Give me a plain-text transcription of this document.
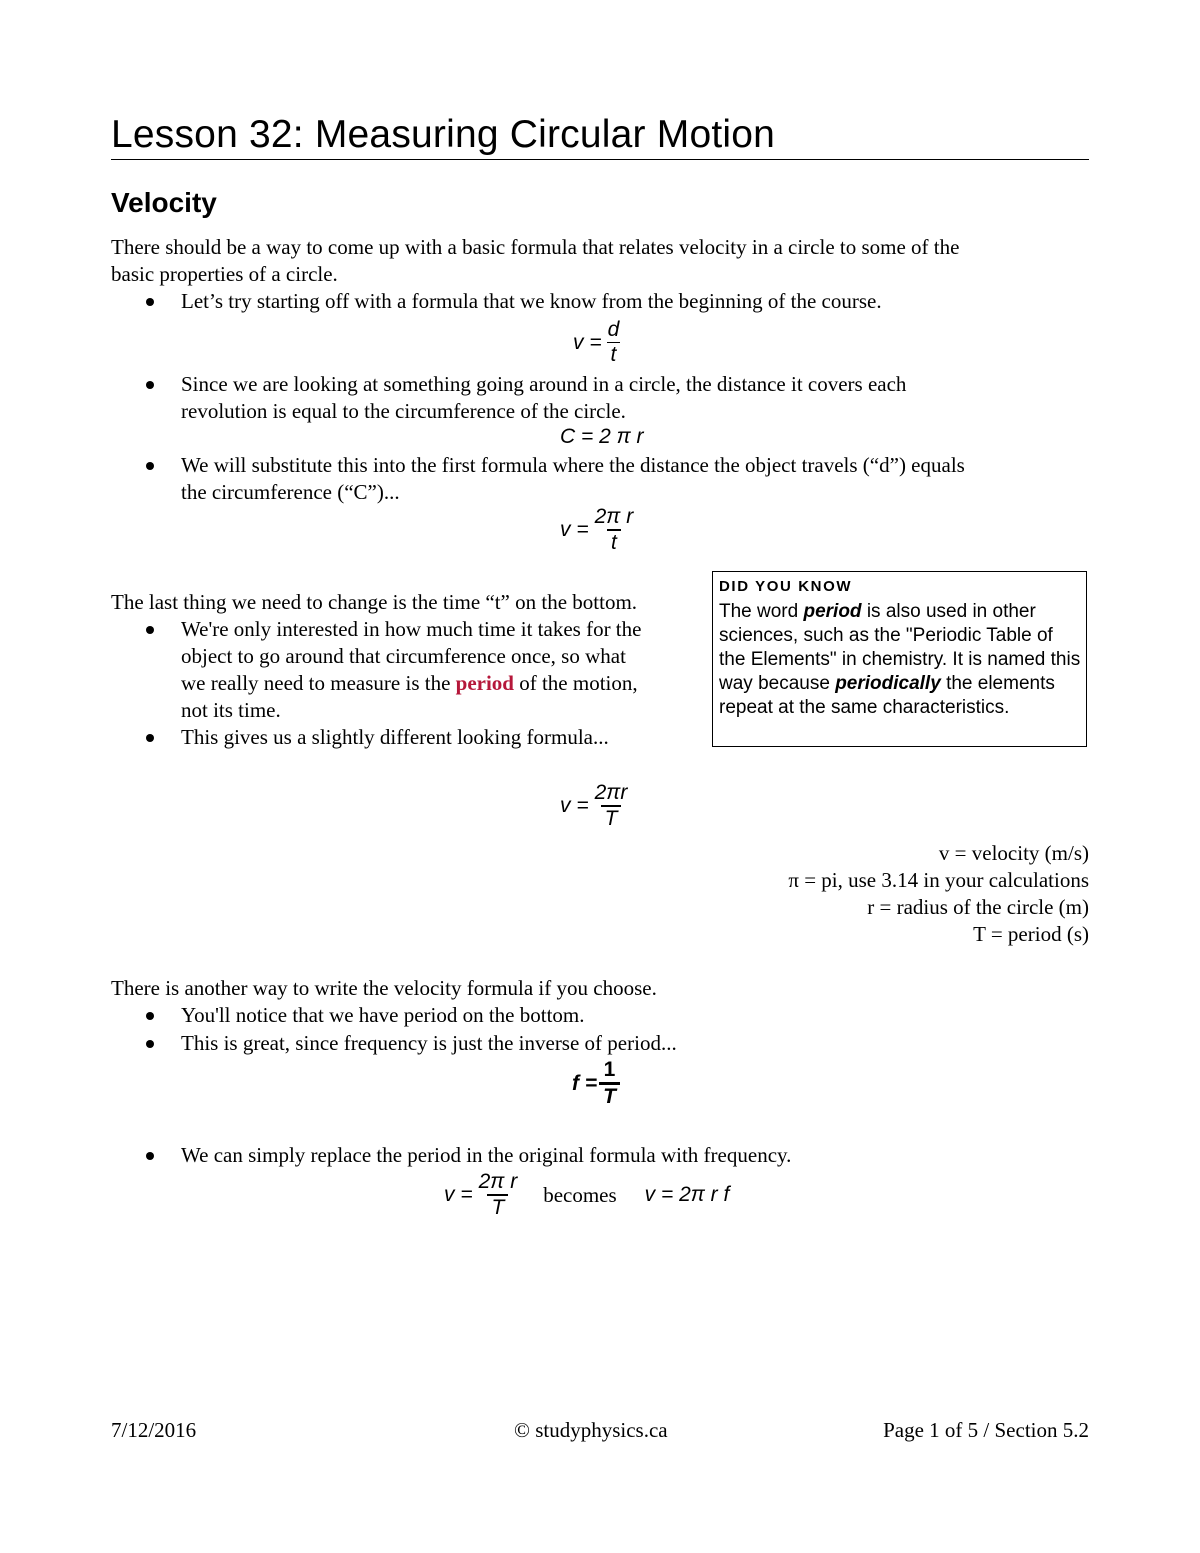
Lesson 32: Measuring Circular Motion
Velocity
There should be a way to come up with a basic formula that relates velocity in a circle to some of the
basic properties of a circle.
Let’s try starting off with a formula that we know from the beginning of the course.
$v = \frac{d}{t}$
Since we are looking at something going around in a circle, the distance it covers each
revolution is equal to the circumference of the circle.
C = 2 π r
We will substitute this into the first formula where the distance the object travels (“d”) equals
the circumference (“C”)...
$v = \frac{\text{2π r}}{t}$
The last thing we need to change is the time “t” on the bottom.
We're only interested in how much time it takes for the
object to go around that circumference once, so what
we really need to measure is the period of the motion,
not its time.
This gives us a slightly different looking formula...
DID YOU KNOW
The word period is also used in other sciences, such as the "Periodic Table of the Elements" in chemistry. It is named this way because periodically the elements repeat at the same characteristics.
$v = \frac{2\pi r}{T}$
v = velocity (m/s)
π = pi, use 3.14 in your calculations
r = radius of the circle (m)
T = period (s)
There is another way to write the velocity formula if you choose.
You'll notice that we have period on the bottom.
This is great, since frequency is just the inverse of period...
$f = \frac{1}{T}$
We can simply replace the period in the original formula with frequency.
$v = \frac{\text{2π r}}{T}$ becomes v = 2π r f
7/12/2016	© studyphysics.ca	Page 1 of 5 / Section 5.2
